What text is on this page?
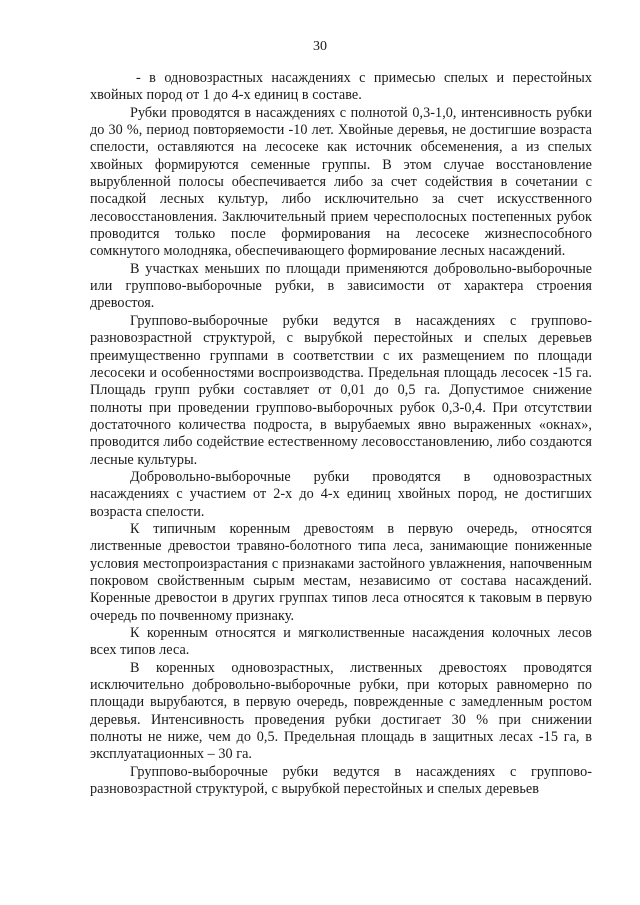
30

- в одновозрастных насаждениях с примесью спелых и перестойных хвойных пород от 1 до 4-х единиц в составе.

Рубки проводятся в насаждениях с полнотой 0,3-1,0, интенсивность рубки до 30 %, период повторяемости -10 лет. Хвойные деревья, не достигшие возраста спелости, оставляются на лесосеке как источник обсеменения, а из спелых хвойных формируются семенные группы. В этом случае восстановление вырубленной полосы обеспечивается либо за счет содействия в сочетании с посадкой лесных культур, либо исключительно за счет искусственного лесовосстановления. Заключительный прием чересполосных постепенных рубок проводится только после формирования на лесосеке жизнеспособного сомкнутого молодняка, обеспечивающего формирование лесных насаждений.

В участках меньших по площади применяются добровольно-выборочные или группово-выборочные рубки, в зависимости от характера строения древостоя.

Группово-выборочные рубки ведутся в насаждениях с группово-разновозрастной структурой, с вырубкой перестойных и спелых деревьев преимущественно группами в соответствии с их размещением по площади лесосеки и особенностями воспроизводства. Предельная площадь лесосек -15 га. Площадь групп рубки составляет от 0,01 до 0,5 га. Допустимое снижение полноты при проведении группово-выборочных рубок 0,3-0,4. При отсутствии достаточного количества подроста, в вырубаемых явно выраженных «окнах», проводится либо содействие естественному лесовосстановлению, либо создаются лесные культуры.

Добровольно-выборочные рубки проводятся в одновозрастных насаждениях с участием от 2-х до 4-х единиц хвойных пород, не достигших возраста спелости.

К типичным коренным древостоям в первую очередь, относятся лиственные древостои травяно-болотного типа леса, занимающие пониженные условия местопроизрастания с признаками застойного увлажнения, напочвенным покровом свойственным сырым местам, независимо от состава насаждений. Коренные древостои в других группах типов леса относятся к таковым в первую очередь по почвенному признаку.

К коренным относятся и мягколиственные насаждения колочных лесов всех типов леса.

В коренных одновозрастных, лиственных древостоях проводятся исключительно добровольно-выборочные рубки, при которых равномерно по площади вырубаются, в первую очередь, поврежденные с замедленным ростом деревья. Интенсивность проведения рубки достигает 30 % при снижении полноты не ниже, чем до 0,5. Предельная площадь в защитных лесах -15 га, в эксплуатационных – 30 га.

Группово-выборочные рубки ведутся в насаждениях с группово-разновозрастной структурой, с вырубкой перестойных и спелых деревьев
